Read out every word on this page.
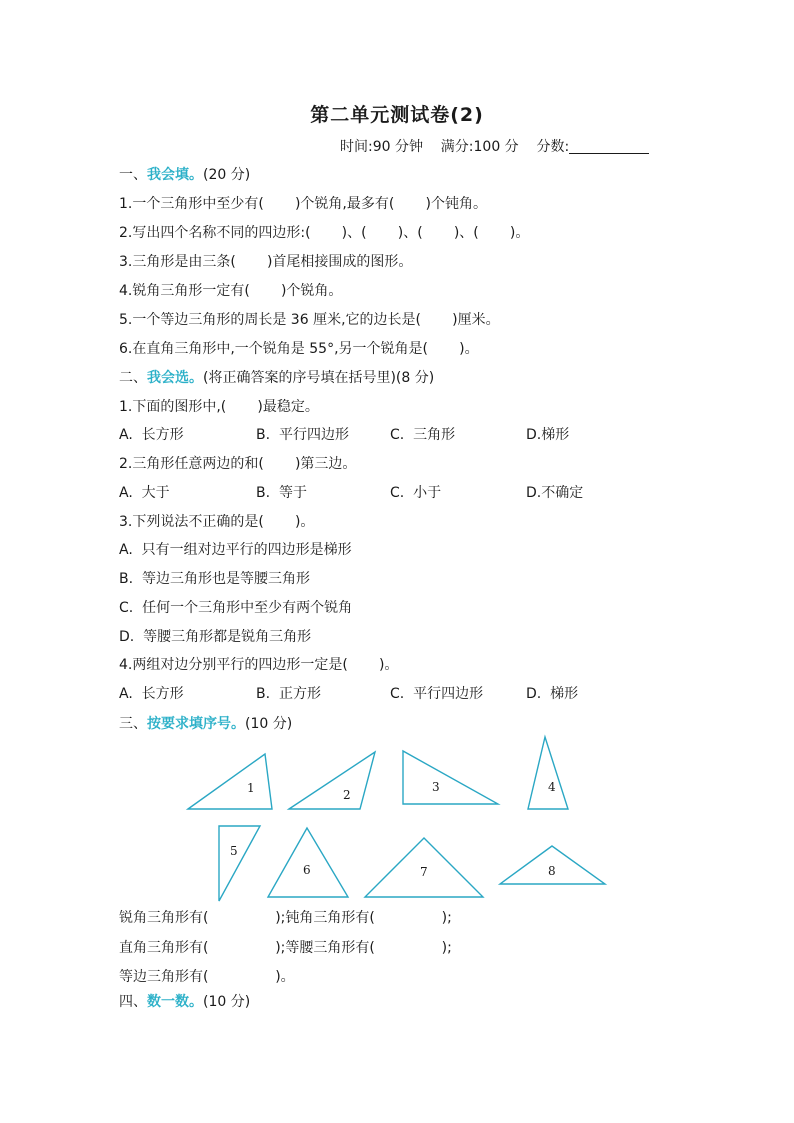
第二单元测试卷(2)
时间:90 分钟 满分:100 分 分数:
一、我会填。(20 分)
1.一个三角形中至少有(       )个锐角,最多有(       )个钝角。
2.写出四个名称不同的四边形:(       )、(       )、(       )、(       )。
3.三角形是由三条(       )首尾相接围成的图形。
4.锐角三角形一定有(       )个锐角。
5.一个等边三角形的周长是 36 厘米,它的边长是(       )厘米。
6.在直角三角形中,一个锐角是 55°,另一个锐角是(       )。
二、我会选。(将正确答案的序号填在括号里)(8 分)
1.下面的图形中,(       )最稳定。
A.  长方形	B.  平行四边形	C.  三角形	D.梯形
2.三角形任意两边的和(       )第三边。
A.  大于	B.  等于	C.  小于	D.不确定
3.下列说法不正确的是(       )。
A.  只有一组对边平行的四边形是梯形
B.  等边三角形也是等腰三角形
C.  任何一个三角形中至少有两个锐角
D.  等腰三角形都是锐角三角形
4.两组对边分别平行的四边形一定是(       )。
A.  长方形	B.  正方形	C.  平行四边形	D.  梯形
三、按要求填序号。(10 分)
1	2
3	4
5
6	7	8
锐角三角形有(               );钝角三角形有(               );
直角三角形有(               );等腰三角形有(               );
等边三角形有(               )。
四、数一数。(10 分)
